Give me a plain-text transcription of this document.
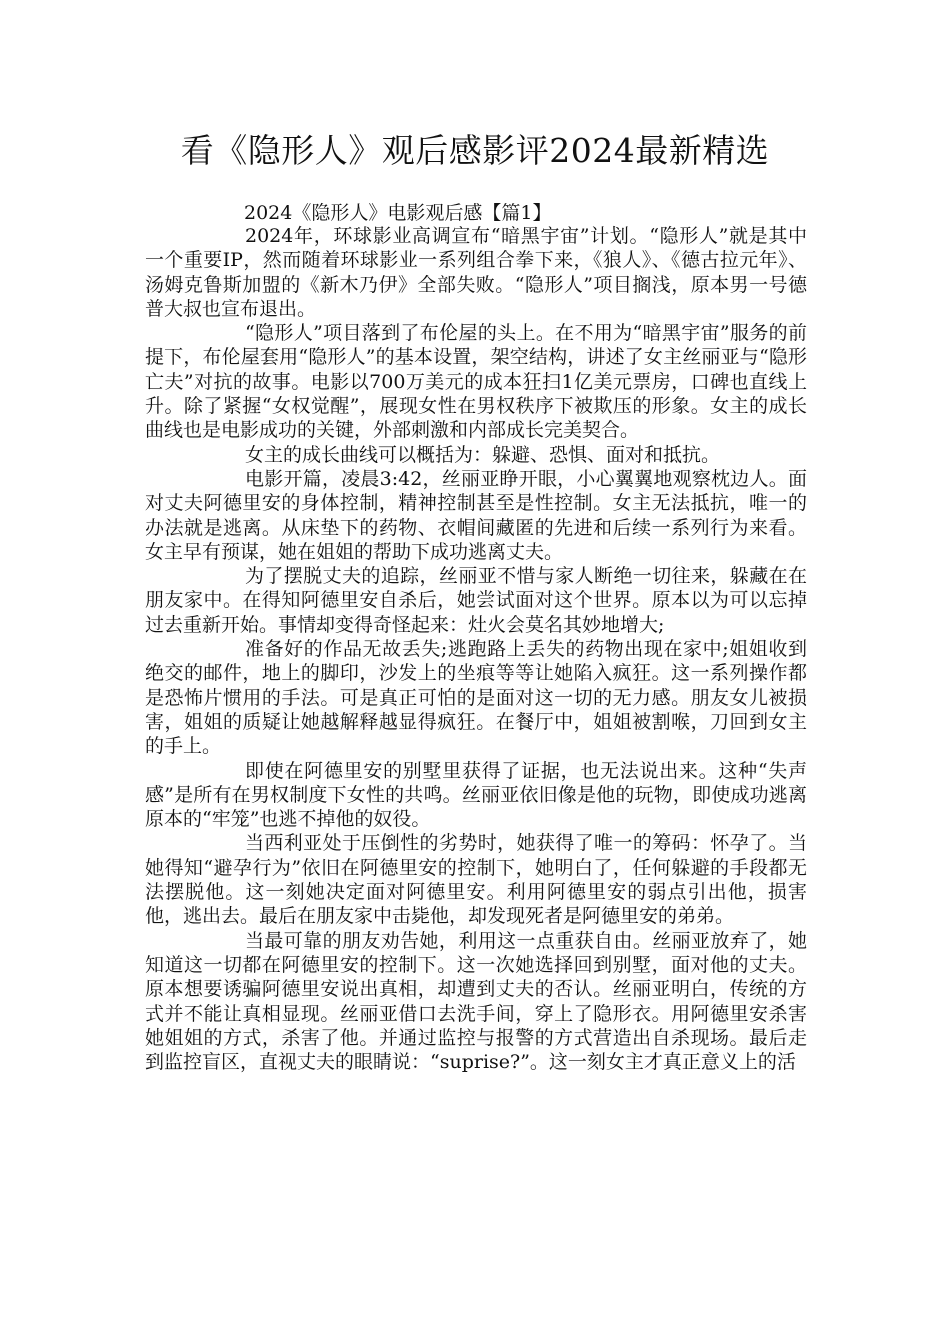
看《隐形人》观后感影评2024最新精选

2024《隐形人》电影观后感【篇1】

2024年，环球影业高调宣布“暗黑宇宙”计划。“隐形人”就是其中一个重要IP，然而随着环球影业一系列组合拳下来，《狼人》、《德古拉元年》、汤姆克鲁斯加盟的《新木乃伊》全部失败。“隐形人”项目搁浅，原本男一号德普大叔也宣布退出。

“隐形人”项目落到了布伦屋的头上。在不用为“暗黑宇宙”服务的前提下，布伦屋套用“隐形人”的基本设置，架空结构，讲述了女主丝丽亚与“隐形亡夫”对抗的故事。电影以700万美元的成本狂扫1亿美元票房，口碑也直线上升。除了紧握“女权觉醒”，展现女性在男权秩序下被欺压的形象。女主的成长曲线也是电影成功的关键，外部刺激和内部成长完美契合。

女主的成长曲线可以概括为：躲避、恐惧、面对和抵抗。

电影开篇，凌晨3:42，丝丽亚睁开眼，小心翼翼地观察枕边人。面对丈夫阿德里安的身体控制，精神控制甚至是性控制。女主无法抵抗，唯一的办法就是逃离。从床垫下的药物、衣帽间藏匿的先进和后续一系列行为来看。女主早有预谋，她在姐姐的帮助下成功逃离丈夫。

为了摆脱丈夫的追踪，丝丽亚不惜与家人断绝一切往来，躲藏在在朋友家中。在得知阿德里安自杀后，她尝试面对这个世界。原本以为可以忘掉过去重新开始。事情却变得奇怪起来：灶火会莫名其妙地增大;

准备好的作品无故丢失;逃跑路上丢失的药物出现在家中;姐姐收到绝交的邮件，地上的脚印，沙发上的坐痕等等让她陷入疯狂。这一系列操作都是恐怖片惯用的手法。可是真正可怕的是面对这一切的无力感。朋友女儿被损害，姐姐的质疑让她越解释越显得疯狂。在餐厅中，姐姐被割喉，刀回到女主的手上。

即使在阿德里安的别墅里获得了证据，也无法说出来。这种“失声感”是所有在男权制度下女性的共鸣。丝丽亚依旧像是他的玩物，即使成功逃离原本的“牢笼”也逃不掉他的奴役。

当西利亚处于压倒性的劣势时，她获得了唯一的筹码：怀孕了。当她得知“避孕行为”依旧在阿德里安的控制下，她明白了，任何躲避的手段都无法摆脱他。这一刻她决定面对阿德里安。利用阿德里安的弱点引出他，损害他，逃出去。最后在朋友家中击毙他，却发现死者是阿德里安的弟弟。

当最可靠的朋友劝告她，利用这一点重获自由。丝丽亚放弃了，她知道这一切都在阿德里安的控制下。这一次她选择回到别墅，面对他的丈夫。原本想要诱骗阿德里安说出真相，却遭到丈夫的否认。丝丽亚明白，传统的方式并不能让真相显现。丝丽亚借口去洗手间，穿上了隐形衣。用阿德里安杀害她姐姐的方式，杀害了他。并通过监控与报警的方式营造出自杀现场。最后走到监控盲区，直视丈夫的眼睛说：“suprise?”。这一刻女主才真正意义上的活
